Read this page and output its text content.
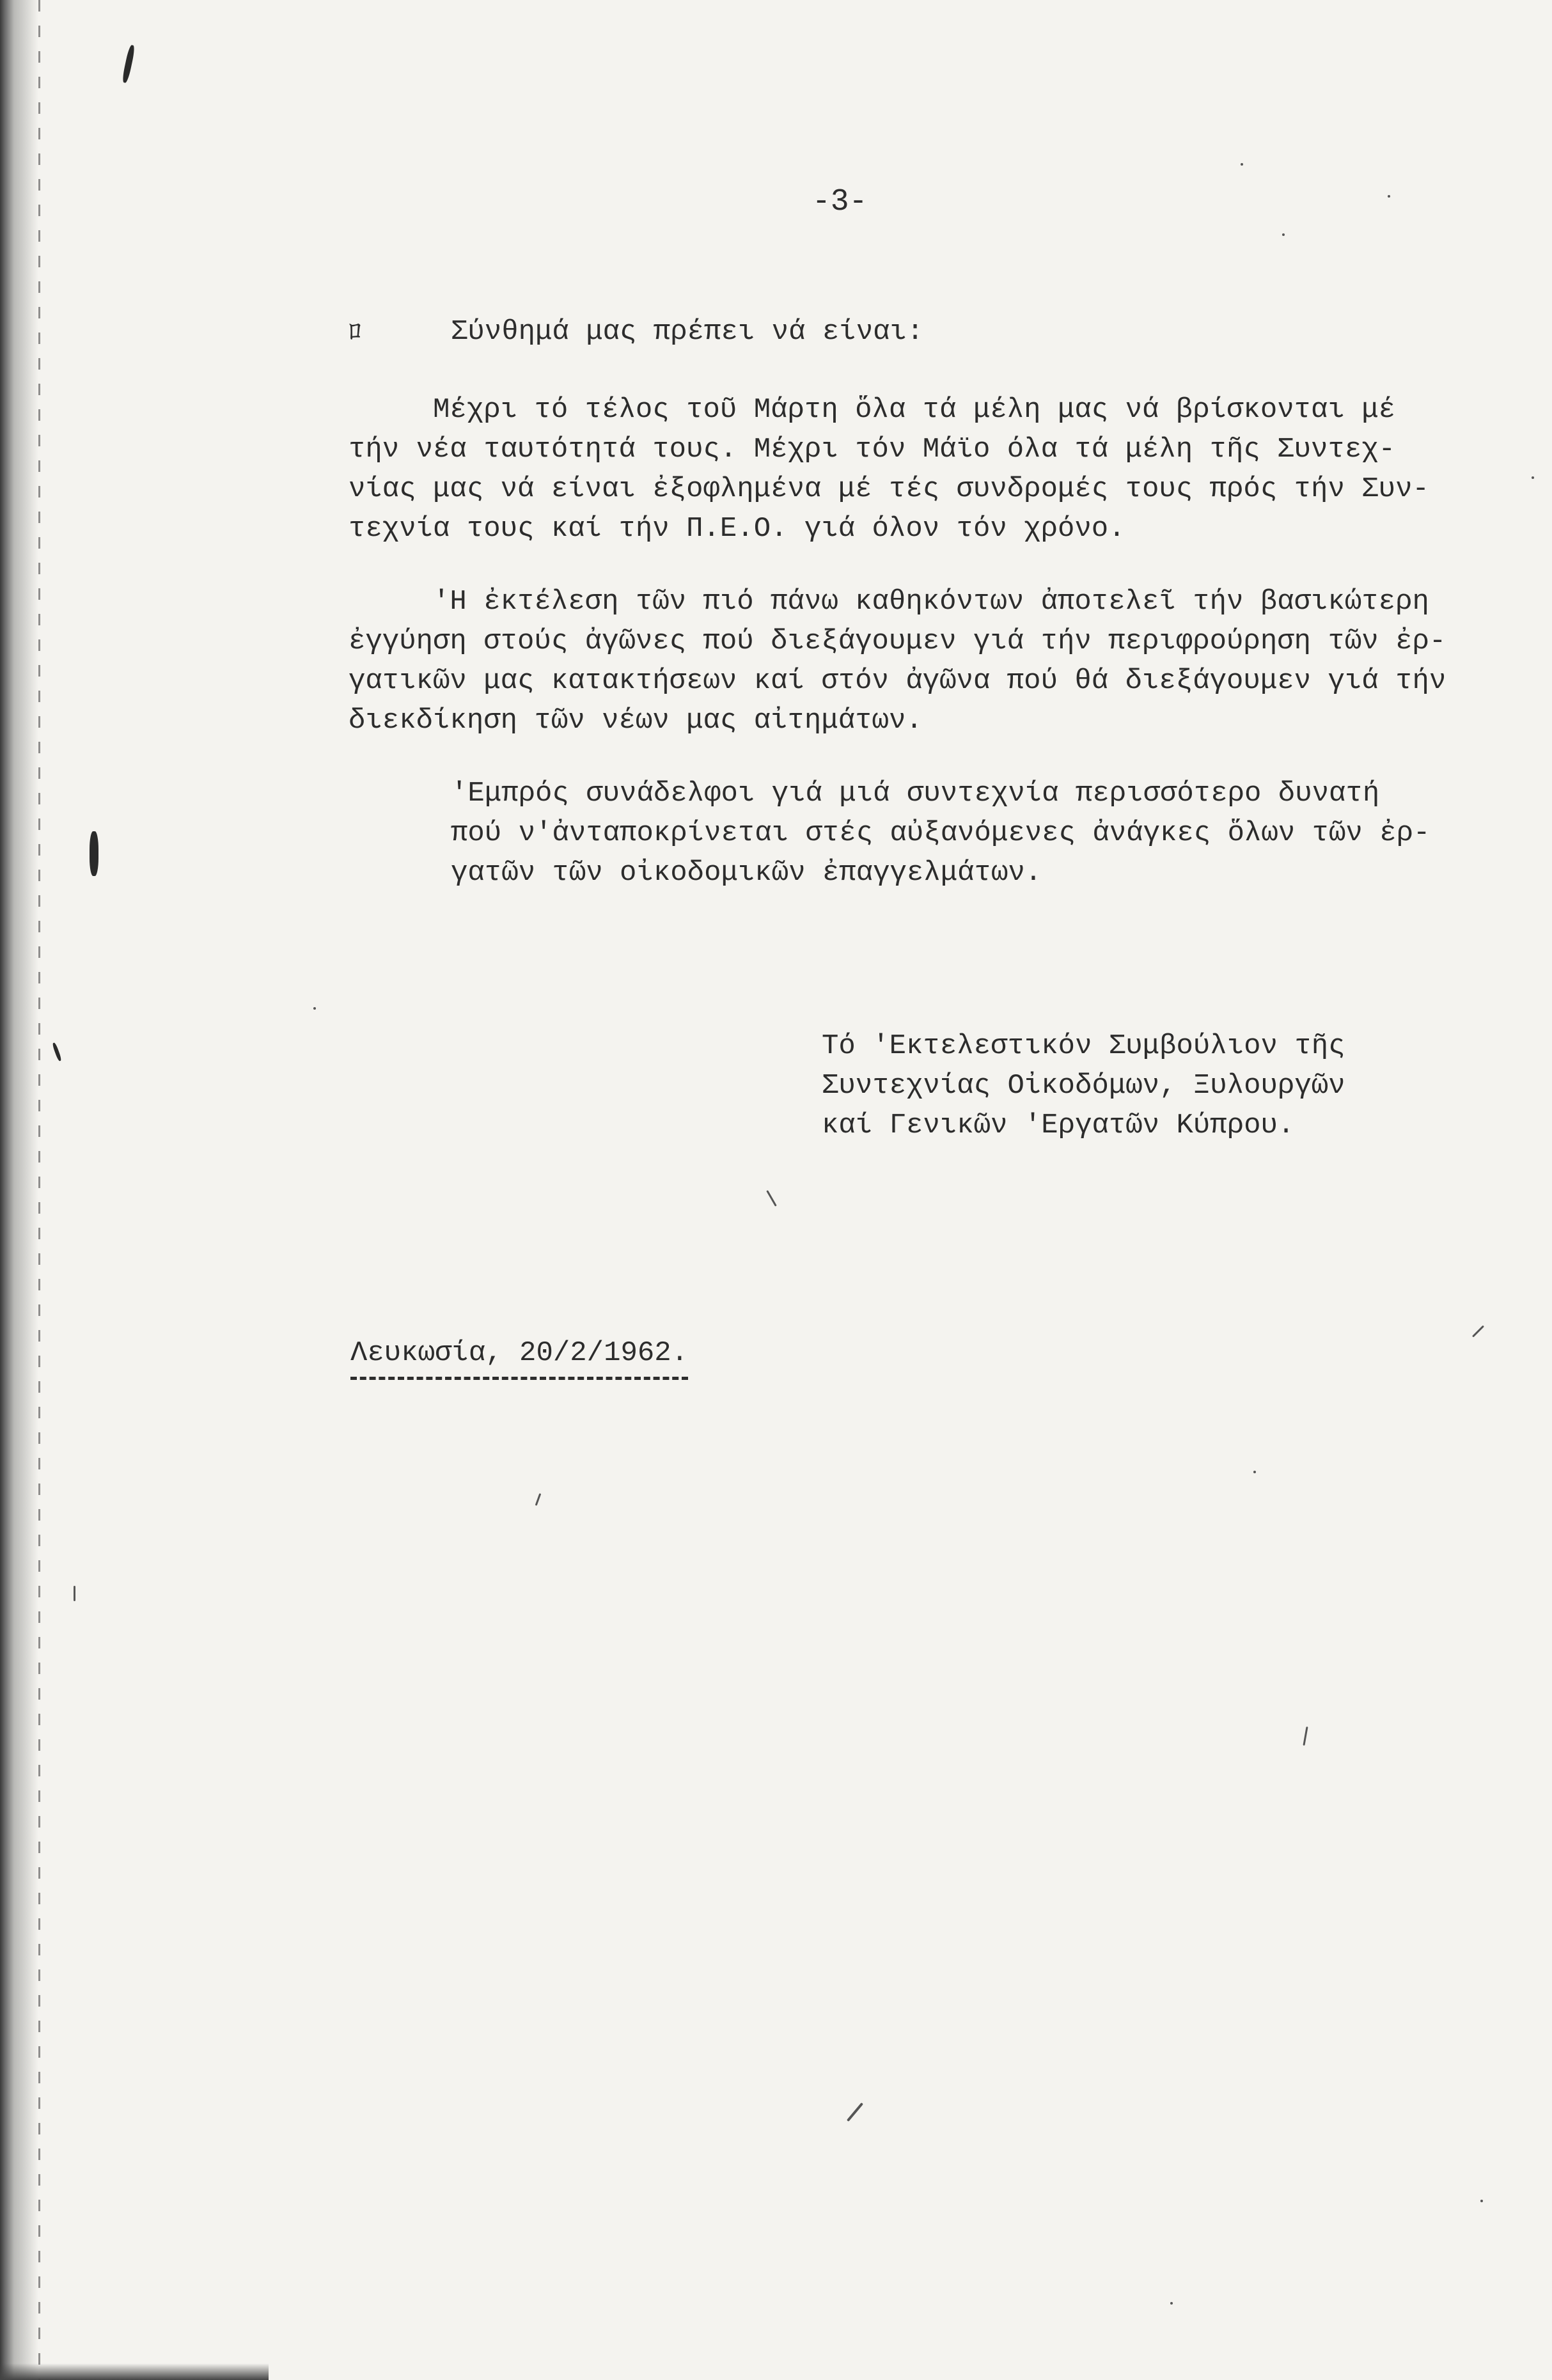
-3-
ﾛ	Σύνθημά μας πρέπει νά είναι:
Μέχρι τό τέλος τοῦ Μάρτη ὅλα τά μέλη μας νά βρίσκονται μέ
τήν νέα ταυτότητά τους. Μέχρι τόν Μάϊο όλα τά μέλη τῆς Συντεχ-
νίας μας νά είναι ἐξοφλημένα μέ τές συνδρομές τους πρός τήν Συν-
τεχνία τους καί τήν Π.Ε.Ο. γιά όλον τόν χρόνο.
'Η ἐκτέλεση τῶν πιό πάνω καθηκόντων ἀποτελεῖ τήν βασικώτερη
ἐγγύηση στούς ἀγῶνες πού διεξάγουμεν γιά τήν περιφρούρηση τῶν ἐρ-
γατικῶν μας κατακτήσεων καί στόν ἀγῶνα πού θά διεξάγουμεν γιά τήν
διεκδίκηση τῶν νέων μας αἰτημάτων.
'Εμπρός συνάδελφοι γιά μιά συντεχνία περισσότερο δυνατή
πού ν'ἀνταποκρίνεται στές αὐξανόμενες ἀνάγκες ὅλων τῶν ἐρ-
γατῶν τῶν οἰκοδομικῶν ἐπαγγελμάτων.
Τό 'Εκτελεστικόν Συμβούλιον τῆς
Συντεχνίας Οἰκοδόμων, Ξυλουργῶν
καί Γενικῶν 'Εργατῶν Κύπρου.
Λευκωσία, 20/2/1962.
